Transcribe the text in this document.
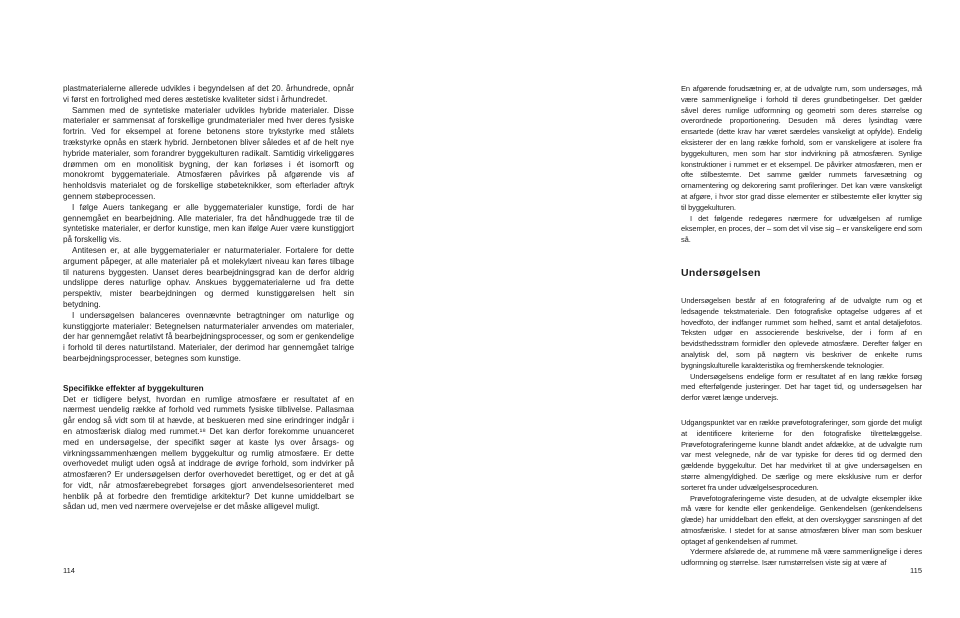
plastmaterialerne allerede udvikles i begyndelsen af det 20. århundrede, opnår vi først en fortrolighed med deres æstetiske kvaliteter sidst i århundredet.

Sammen med de syntetiske materialer udvikles hybride materialer. Disse materialer er sammensat af forskellige grundmaterialer med hver deres fysiske fortrin. Ved for eksempel at forene betonens store trykstyrke med stålets trækstyrke opnås en stærk hybrid. Jernbetonen bliver således et af de helt nye hybride materialer, som forandrer byggekulturen radikalt. Samtidig virkeliggøres drømmen om en monolitisk bygning, der kan forløses i ét isomorft og monokromt byggemateriale. Atmosfæren påvirkes på afgørende vis af henholdsvis materialet og de forskellige støbeteknikker, som efterlader aftryk gennem støbeprocessen.

I følge Auers tankegang er alle byggematerialer kunstige, fordi de har gennemgået en bearbejdning. Alle materialer, fra det håndhuggede træ til de syntetiske materialer, er derfor kunstige, men kan ifølge Auer være kunstiggjort på forskellig vis.

Antitesen er, at alle byggematerialer er naturmaterialer. Fortalere for dette argument påpeger, at alle materialer på et molekylært niveau kan føres tilbage til naturens byggesten. Uanset deres bearbejdningsgrad kan de derfor aldrig undslippe deres naturlige ophav. Anskues byggematerialerne ud fra dette perspektiv, mister bearbejdningen og dermed kunstiggørelsen helt sin betydning.

I undersøgelsen balanceres ovennævnte betragtninger om naturlige og kunstiggjorte materialer: Betegnelsen naturmaterialer anvendes om materialer, der har gennemgået relativt få bearbejdningsprocesser, og som er genkendelige i forhold til deres naturtilstand. Materialer, der derimod har gennemgået talrige bearbejdningsprocesser, betegnes som kunstige.

Specifikke effekter af byggekulturen

Det er tidligere belyst, hvordan en rumlige atmosfære er resultatet af en nærmest uendelig række af forhold ved rummets fysiske tilblivelse. Pallasmaa går endog så vidt som til at hævde, at beskueren med sine erindringer indgår i en atmosfærisk dialog med rummet.¹⁸ Det kan derfor forekomme unuanceret med en undersøgelse, der specifikt søger at kaste lys over årsags- og virkningssammenhængen mellem byggekultur og rumlig atmosfære. Er dette overhovedet muligt uden også at inddrage de øvrige forhold, som indvirker på atmosfæren? Er undersøgelsen derfor overhovedet berettiget, og er det at gå for vidt, når atmosfærebegrebet forsøges gjort anvendelsesorienteret med henblik på at forbedre den fremtidige arkitektur? Det kunne umiddelbart se sådan ud, men ved nærmere overvejelse er det måske alligevel muligt.

114

En afgørende forudsætning er, at de udvalgte rum, som undersøges, må være sammenlignelige i forhold til deres grundbetingelser. Det gælder såvel deres rumlige udformning og geometri som deres størrelse og overordnede proportionering. Desuden må deres lysindtag være ensartede (dette krav har været særdeles vanskeligt at opfylde). Endelig eksisterer der en lang række forhold, som er vanskeligere at isolere fra byggekulturen, men som har stor indvirkning på atmosfæren. Synlige konstruktioner i rummet er et eksempel. De påvirker atmosfæren, men er ofte stilbestemte. Det samme gælder rummets farvesætning og ornamentering og dekorering samt profileringer. Det kan være vanskeligt at afgøre, i hvor stor grad disse elementer er stilbestemte eller knytter sig til byggekulturen.

I det følgende redegøres nærmere for udvælgelsen af rumlige eksempler, en proces, der – som det vil vise sig – er vanskeligere end som så.

Undersøgelsen

Undersøgelsen består af en fotografering af de udvalgte rum og et ledsagende tekstmateriale. Den fotografiske optagelse udgøres af et hovedfoto, der indfanger rummet som helhed, samt et antal detaljefotos. Teksten udgør en associerende beskrivelse, der i form af en bevidsthedsstrøm formidler den oplevede atmosfære. Derefter følger en analytisk del, som på nøgtern vis beskriver de enkelte rums bygningskulturelle karakteristika og fremherskende teknologier.

Undersøgelsens endelige form er resultatet af en lang række forsøg med efterfølgende justeringer. Det har taget tid, og undersøgelsen har derfor været længe undervejs.

Udgangspunktet var en række prøvefotograferinger, som gjorde det muligt at identificere kriterierne for den fotografiske tilrettelæggelse. Prøvefotograferingerne kunne blandt andet afdække, at de udvalgte rum var mest velegnede, når de var typiske for deres tid og dermed den gældende byggekultur. Det har medvirket til at give undersøgelsen en større almengyldighed. De særlige og mere eksklusive rum er derfor sorteret fra under udvælgelsesproceduren.

Prøvefotograferingerne viste desuden, at de udvalgte eksempler ikke må være for kendte eller genkendelige. Genkendelsen (genkendelsens glæde) har umiddelbart den effekt, at den overskygger sansningen af det atmosfæriske. I stedet for at sanse atmosfæren bliver man som beskuer optaget af genkendelsen af rummet.

Ydermere afslørede de, at rummene må være sammenlignelige i deres udformning og størrelse. Især rumstørrelsen viste sig at være af

115
